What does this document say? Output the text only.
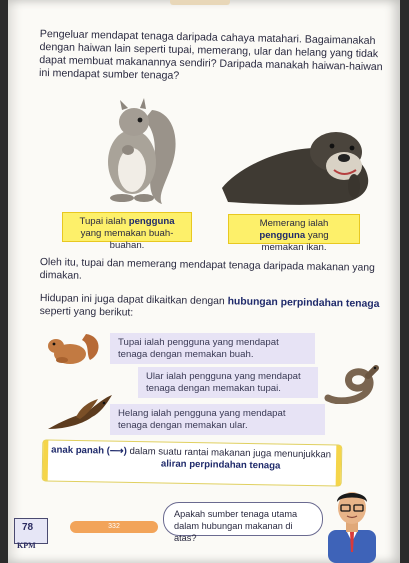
Pengeluar mendapat tenaga daripada cahaya matahari. Bagaimanakah dengan haiwan lain seperti tupai, memerang, ular dan helang yang tidak dapat membuat makanannya sendiri? Daripada manakah haiwan-haiwan ini mendapat sumber tenaga?
Tupai ialah pengguna yang memakan buah-buahan.
Memerang ialah pengguna yang memakan ikan.
Oleh itu, tupai dan memerang mendapat tenaga daripada makanan yang dimakan.
Hidupan ini juga dapat dikaitkan dengan hubungan perpindahan tenaga seperti yang berikut:
Tupai ialah pengguna yang mendapat tenaga dengan memakan buah.
Ular ialah pengguna yang mendapat tenaga dengan memakan tupai.
Helang ialah pengguna yang mendapat tenaga dengan memakan ular.
anak panah (⟶) dalam suatu rantai makanan juga menunjukkan
aliran perpindahan tenaga
Apakah sumber tenaga utama dalam hubungan makanan di atas?
78
KPM
332
